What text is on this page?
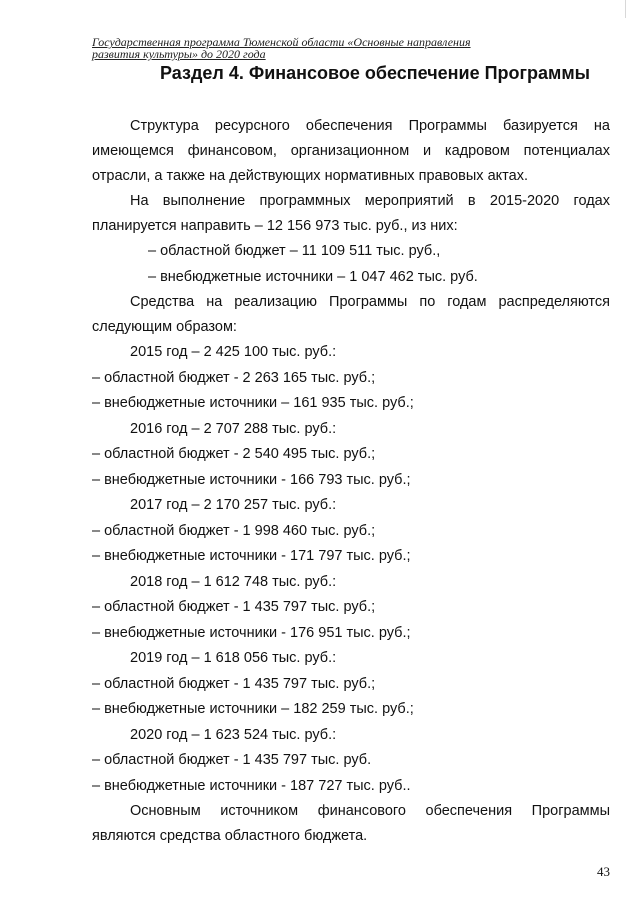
Государственная программа Тюменской области «Основные направления
развития культуры» до 2020 года
Раздел 4. Финансовое обеспечение Программы

Структура ресурсного обеспечения Программы базируется на имеющемся финансовом, организационном и кадровом потенциалах отрасли, а также на действующих нормативных правовых актах.

На выполнение программных мероприятий в 2015-2020 годах планируется направить – 12 156 973 тыс. руб., из них:

– областной бюджет – 11 109 511 тыс. руб.,

– внебюджетные источники – 1 047 462 тыс. руб.

Средства на реализацию Программы по годам распределяются следующим образом:

2015 год – 2 425 100 тыс. руб.:

– областной бюджет - 2 263 165 тыс. руб.;

– внебюджетные источники – 161 935 тыс. руб.;

2016 год – 2 707 288 тыс. руб.:

– областной бюджет - 2 540 495 тыс. руб.;

– внебюджетные источники - 166 793 тыс. руб.;

2017 год – 2 170 257 тыс. руб.:

– областной бюджет - 1 998 460 тыс. руб.;

– внебюджетные источники - 171 797 тыс. руб.;

2018 год – 1 612 748 тыс. руб.:

– областной бюджет - 1 435 797 тыс. руб.;

– внебюджетные источники - 176 951 тыс. руб.;

2019 год – 1 618 056 тыс. руб.:

– областной бюджет - 1 435 797 тыс. руб.;

– внебюджетные источники – 182 259 тыс. руб.;

2020 год – 1 623 524 тыс. руб.:

– областной бюджет - 1 435 797 тыс. руб.

– внебюджетные источники - 187 727 тыс. руб..

Основным источником финансового обеспечения Программы являются средства областного бюджета.

43
